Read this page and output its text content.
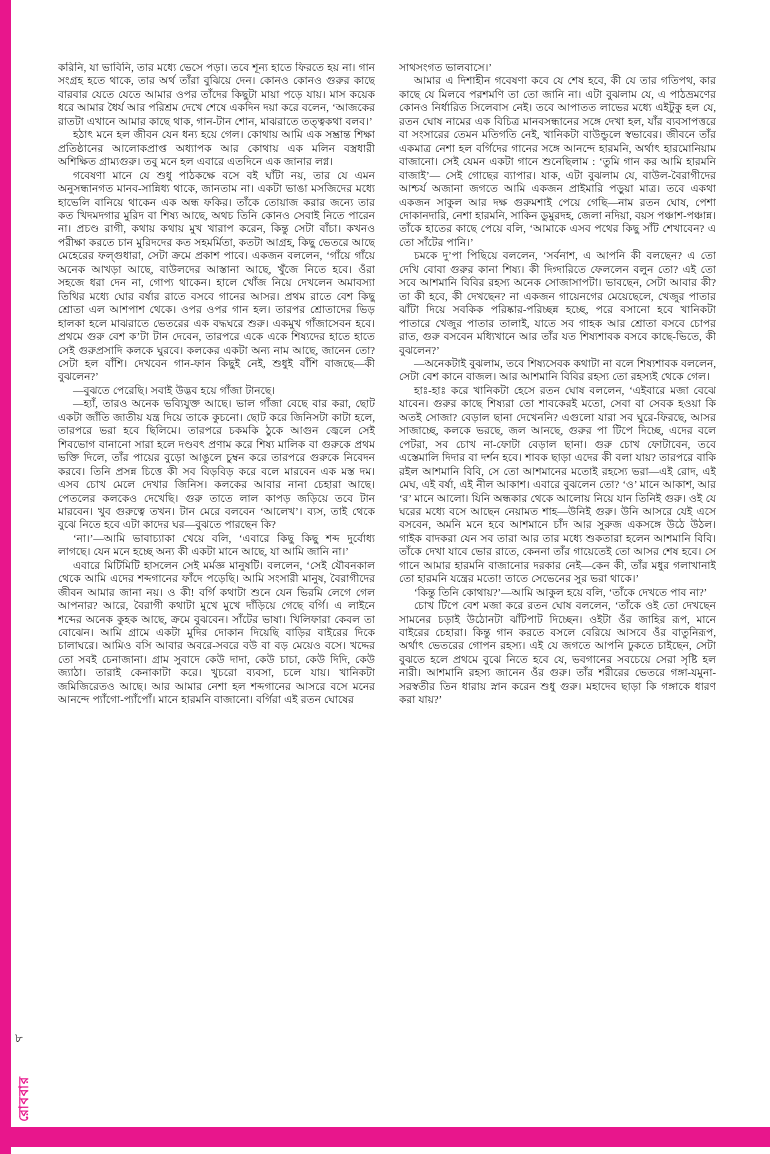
৮
রোববার

করিনি, যা ভাবিনি, তার মধ্যে ভেসে পড়া। তবে শূন্য হাতে ফিরতে হয় না। গান সংগ্রহ হতে থাকে, তার অর্থ তাঁরা বুঝিয়ে দেন। কোনও কোনও গুরুর কাছে বারবার যেতে যেতে আমার ওপর তাঁদের কিছুটা মায়া পড়ে যায়। মাস কয়েক ধরে আমার ধৈর্য আর পরিশ্রম দেখে শেষে একদিন দয়া করে বলেন, ‘আজকের রাতটা এখানে আমার কাছে থাক, গান-টান শোন, মাঝরাতে তত্ত্বকথা বলব।’

হঠাৎ মনে হল জীবন যেন ধন্য হয়ে গেল। কোথায় আমি এক সম্ভ্রান্ত শিক্ষা প্রতিষ্ঠানের আলোকপ্রাপ্ত অধ্যাপক আর কোথায় এক মলিন বস্ত্রধারী অশিক্ষিত গ্রাম্যগুরু। তবু মনে হল এবারে এতদিনে এক জানার লগ্ন।

গবেষণা মানে যে শুধু পাঠকক্ষে বসে বই ঘাঁটা নয়, তার যে এমন অনুসন্ধানগত মানব-সান্নিধ্য থাকে, জানতাম না। একটা ভাঙা মসজিদের মধ্যে হাভেলি বানিয়ে থাকেন এক অন্ধ ফকির। তাঁকে তোয়াজ করার জন্যে তার কত খিদমদগার মুরিদ বা শিষ্য আছে, অথচ তিনি কোনও সেবাই নিতে পারেন না। প্রচণ্ড রাগী, কথায় কথায় মুখ খারাপ করেন, কিন্তু সেটা বাঁচা। কখনও পরীক্ষা করতে চান মুরিদদের কত সহমর্মিতা, কতটা আগ্রহ, কিছু ভেতরে আছে মেহেরের ফল্গুধারা, সেটা ক্রমে প্রকাশ পাবে। একজন বললেন, ‘গাঁয়ে গাঁয়ে অনেক আখড়া আছে, বাউলদের আস্তানা আছে, খুঁজে নিতে হবে। ওঁরা সহজে ধরা দেন না, গোপ্য থাকেন। হালে খোঁজ নিয়ে দেখলেন অমাবস্যা তিথির মধ্যে ঘোর বর্ষার রাতে বসবে গানের আসর। প্রথম রাতে বেশ কিছু শ্রোতা এল আশপাশ থেকে। ওপর ওপর গান হল। তারপর শ্রোতাদের ভিড় হালকা হলে মাঝরাতে ভেতরের এক বদ্ধঘরে শুরু। একমুখ গাঁজাসেবন হবে। প্রথমে গুরু বেশ ক’টা টান দেবেন, তারপরে একে একে শিষ্যদের হাতে হাতে সেই গুরুপ্রসাদি কলকে ঘুরবে। কলকের একটা অন্য নাম আছে, জানেন তো? সেটা হল বাঁশি। দেখবেন গান-ফান কিছুই নেই, শুধুই বাঁশি বাজছে—কী বুঝলেন?’

—বুঝতে পেরেছি। সবাই উদ্ভব হয়ে গাঁজা টানছে।

—হ্যাঁ, তারও অনেক ভব্যিযুক্ত আছে। ভাল গাঁজা বেছে বার করা, ছোট একটা জাঁতি জাতীয় যন্ত্র দিয়ে তাকে কুচনো। ছোট করে জিনিসটা কাটা হলে, তারপরে ভরা হবে ছিলিমে। তারপরে চকমকি ঠুকে আগুন জ্বেলে সেই শিবভোগ বানানো সারা হলে দণ্ডবৎ প্রণাম করে শিষ্য মালিক বা গুরুকে প্রথম ভক্তি দিলে, তাঁর পায়ের বুড়ো আঙুলে চুম্বন করে তারপরে গুরুকে নিবেদন করবে। তিনি প্রসন্ন চিত্তে কী সব বিড়বিড় করে বলে মারবেন এক মস্ত দম। এসব চোখ মেলে দেখার জিনিস। কলকের আবার নানা চেহারা আছে। পেতলের কলকেও দেখেছি। গুরু তাতে লাল কাপড় জড়িয়ে তবে টান মারবেন। খুব গুরুত্বে তখন। টান মেরে বলবেন ‘আলেখ’। ব্যস, তাই থেকে বুঝে নিতে হবে এটা কাদের ঘর—বুঝতে পারছেন কি?

‘না।’—আমি ভাবাচ্যাকা খেয়ে বলি, ‘এবারে কিছু কিছু শব্দ দুর্বোধ্য লাগছে। যেন মনে হচ্ছে অন্য কী একটা মানে আছে, যা আমি জানি না।’

এবারে মিটিমিটি হাসলেন সেই মর্মজ্ঞ মানুষটি। বললেন, ‘সেই যৌবনকাল থেকে আমি এদের শব্দগানের ফাঁদে পড়েছি। আমি সংসারী মানুষ, বৈরাগীদের জীবন আমার জানা নয়। ও কী! বর্গি কথাটা শুনে যেন ভিরমি লেগে গেল আপনার? আরে, বৈরাগী কথাটা মুখে মুখে দাঁড়িয়ে গেছে বর্গি। এ লাইনে শব্দের অনেক কুহক আছে, ক্রমে বুঝবেন। সাঁটের ভাষা। খিলিফারা কেবল তা বোঝেন। আমি গ্রামে একটা মুদির দোকান দিয়েছি বাড়ির বাইরের দিকে চালাঘরে। আমিও বসি আবার অবরে-সবরে বউ বা বড় মেয়েও বসে। খদ্দের তো সবই চেনাজানা। গ্রাম সুবাদে কেউ দাদা, কেউ চাচা, কেউ দিদি, কেউ জ্যাঠা। তারাই কেনাকাটা করে। খুচরো ব্যবসা, চলে যায়। খানিকটা জমিজিরেতও আছে। আর আমার নেশা হল শব্দগানের আসরে বসে মনের আনন্দে প্যাঁগো-প্যাঁপোঁ। মানে হারমনি বাজানো। বর্গিরা এই রতন ঘোষের

সাথসংগত ভালবাসে।’

আমার এ দিশাহীন গবেষণা কবে যে শেষ হবে, কী যে তার গতিপথ, কার কাছে যে মিলবে পরশমণি তা তো জানি না। এটা বুঝলাম যে, এ পাঠভ্রমণের কোনও নির্ধারিত সিলেবাস নেই। তবে আপাতত লাভের মধ্যে এইটুকু হল যে, রতন ঘোষ নামের এক বিচিত্র মানবসন্ধানের সঙ্গে দেখা হল, যাঁর ব্যবসাপত্তরে বা সংসারের তেমন মতিগতি নেই, খানিকটা বাউন্ডুলে স্বভাবের। জীবনে তাঁর একমাত্র নেশা হল বর্গিদের গানের সঙ্গে আনন্দে হারমনি, অর্থাৎ হারমোনিয়াম বাজানো। সেই যেমন একটা গানে শুনেছিলাম : ‘তুমি গান কর আমি হারমনি বাজাই’— সেই গোছের ব্যাপার। যাক, এটা বুঝলাম যে, বাউল-বৈরাগীদের আশ্চর্য অজানা জগতে আমি একজন প্রাইমারি পড়ুয়া মাত্র। তবে একথা একজন সাকুল আর দক্ষ গুরুমশাই পেয়ে গেছি—নাম রতন ঘোষ, পেশা দোকানদারি, নেশা হারমনি, সাকিন ডুমুরদহ, জেলা নদিয়া, বয়স পঞ্চাশ-পঞ্চান্ন। তাঁকে হাতের কাছে পেয়ে বলি, ‘আমাকে এসব পথের কিছু সাঁট শেখাবেন? এ তো সাঁটের পানি।’

চমকে দু’পা পিছিয়ে বললেন, ‘সর্বনাশ, এ আপনি কী বলছেন? এ তো দেখি বোবা গুরুর কানা শিষ্য। কী দিগ্দারিতে ফেললেন বলুন তো? এই তো সবে আশমানি বিবির রহস্য অনেক সোজাসাপটা। ভাবছেন, সেটা আবার কী? তা কী হবে, কী দেখছেন? না একজন গায়েনগের মেয়েছেলে, খেজুর পাতার ঝাঁটা দিয়ে সবকিক পরিষ্কার-পরিচ্ছন্ন হচ্ছে, পরে বসানো হবে খানিকটা পাতারে খেজুর পাতার তালাই, যাতে সব গাহক আর শ্রোতা বসবে চোপর রাত, গুরু বসবেন মধ্যিখানে আর তাঁর যত শিষ্যশাবক বসবে কাছে-ভিতে, কী বুঝলেন?’

—অনেকটাই বুঝলাম, তবে শিষ্যসেবক কথাটা না বলে শিষ্যশাবক বললেন, সেটা বেশ কানে বাজল। আর আশমানি বিবির রহস্য তো রহস্যই থেকে গেল।

হাঃ-হাঃ করে খানিকটা হেসে রতন ঘোষ বললেন, ‘এইবারে মজা বেঝে যাবেন। গুরুর কাছে শিষ্যরা তো শাবকেরই মতো, সেবা বা সেবক হওয়া কি অতই সোজা? বেড়াল ছানা দেখেননি? এগুলো যারা সব ঘুরে-ফিরছে, আসর সাজাচ্ছে, কলকে ভরছে, জল আনছে, গুরুর পা টিপে দিচ্ছে, এদের বলে পেটরা, সব চোখ না-ফোটা বেড়াল ছানা। গুরু চোখ ফোটাবেন, তবে এস্তেমালি দিদার বা দর্শন হবে। শাবক ছাড়া এদের কী বলা যায়? তারপরে বাকি রইল আশমানি বিবি, সে তো আশমানের মতোই রহস্যে ভরা—এই রোদ, এই মেঘ, এই বর্ষা, এই নীল আকাশ। এবারে বুঝলেন তো? ‘ও’ মানে আকাশ, আর ‘র’ মানে আলো। যিনি অন্ধকার থেকে আলোয় নিয়ে যান তিনিই গুরু। ওই যে ঘরের মধ্যে বসে আছেন নেয়ামত শাহ—উনিই গুরু। উনি আসরে যেই এসে বসবেন, অমনি মনে হবে আশমানে চাঁদ আর সুরুজ একসঙ্গে উঠে উঠল। গাইক বাদকরা যেন সব তারা আর তার মধ্যে শুকতারা হলেন আশমানি বিবি। তাঁকে দেখা যাবে ভোর রাতে, কেননা তাঁর গায়েতেই তো আসর শেষ হবে। সে গানে আমার হারমনি বাজানোর দরকার নেই—কেন কী, তাঁর মধুর গলাখানাই তো হারমনি যন্ত্রের মতো! তাতে সেভেনের সুর ভরা থাকে।’

‘কিন্তু তিনি কোথায়?’—আমি আকুল হয়ে বলি, ‘তাঁকে দেখতে পাব না?’

চোখ টিপে বেশ মজা করে রতন ঘোষ বললেন, ‘তাঁকে ওই তো দেখছেন সামনের চড়াই উঠোনটা ঝাঁটপাট দিচ্ছেন। ওইটা ওঁর জাহির রূপ, মানে বাইরের চেহারা। কিন্তু গান করতে বসলে বেরিয়ে আসবে ওঁর বাতুনিরূপ, অর্থাৎ ভেতরের গোপন রহস্য। এই যে জগতে আপনি ঢুকতে চাইছেন, সেটা বুঝতে হলে প্রথমে বুঝে নিতে হবে যে, ভবগানের সবচেয়ে সেরা সৃষ্টি হল নারী। আশমানি রহস্য জানেন ওঁর গুরু। তাঁর শরীরের ভেতরে গঙ্গা-যমুনা-সরস্বতীর তিন ধারায় স্নান করেন শুধু গুরু। মহাদেব ছাড়া কি গঙ্গাকে ধারণ করা যায়?’
